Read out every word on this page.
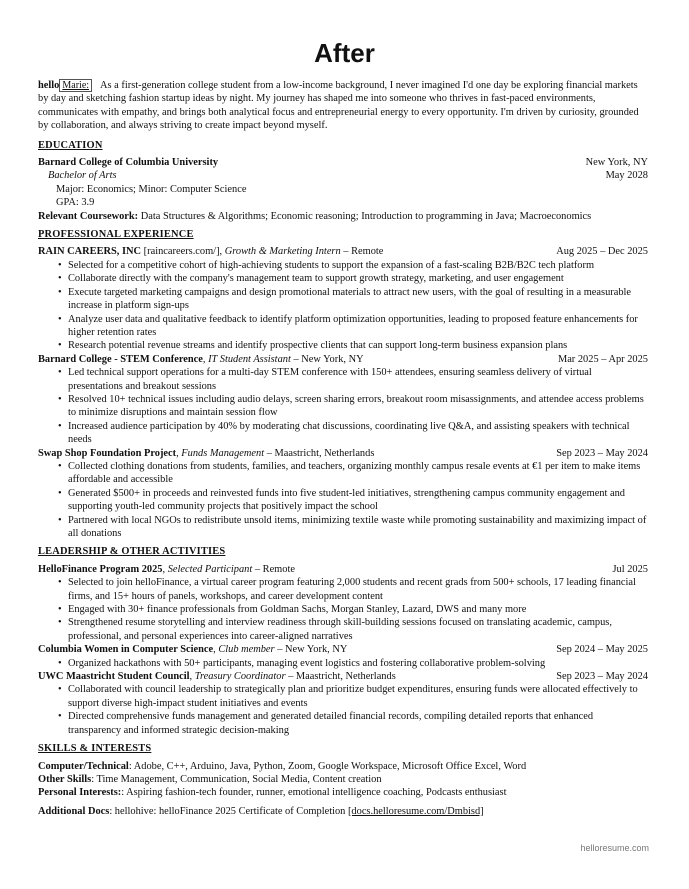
After

hello Marie: As a first-generation college student from a low-income background, I never imagined I'd one day be exploring financial markets by day and sketching fashion startup ideas by night. My journey has shaped me into someone who thrives in fast-paced environments, communicates with empathy, and brings both analytical focus and entrepreneurial energy to every opportunity. I'm driven by curiosity, grounded by collaboration, and always striving to create impact beyond myself.

EDUCATION
Barnard College of Columbia University	New York, NY
Bachelor of Arts	May 2028
Major: Economics; Minor: Computer Science
GPA: 3.9
Relevant Coursework: Data Structures & Algorithms; Economic reasoning; Introduction to programming in Java; Macroeconomics
PROFESSIONAL EXPERIENCE
RAIN CAREERS, INC [raincareers.com/], Growth & Marketing Intern – Remote	Aug 2025 – Dec 2025
• Selected for a competitive cohort of high-achieving students to support the expansion of a fast-scaling B2B/B2C tech platform
• Collaborate directly with the company's management team to support growth strategy, marketing, and user engagement
• Execute targeted marketing campaigns and design promotional materials to attract new users, with the goal of resulting in a measurable increase in platform sign-ups
• Analyze user data and qualitative feedback to identify platform optimization opportunities, leading to proposed feature enhancements for higher retention rates
• Research potential revenue streams and identify prospective clients that can support long-term business expansion plans
Barnard College - STEM Conference, IT Student Assistant – New York, NY	Mar 2025 – Apr 2025
• Led technical support operations for a multi-day STEM conference with 150+ attendees, ensuring seamless delivery of virtual presentations and breakout sessions
• Resolved 10+ technical issues including audio delays, screen sharing errors, breakout room misassignments, and attendee access problems to minimize disruptions and maintain session flow
• Increased audience participation by 40% by moderating chat discussions, coordinating live Q&A, and assisting speakers with technical needs
Swap Shop Foundation Project, Funds Management – Maastricht, Netherlands	Sep 2023 – May 2024
• Collected clothing donations from students, families, and teachers, organizing monthly campus resale events at €1 per item to make items affordable and accessible
• Generated $500+ in proceeds and reinvested funds into five student-led initiatives, strengthening campus community engagement and supporting youth-led community projects that positively impact the school
• Partnered with local NGOs to redistribute unsold items, minimizing textile waste while promoting sustainability and maximizing impact of all donations
LEADERSHIP & OTHER ACTIVITIES
HelloFinance Program 2025, Selected Participant – Remote	Jul 2025
• Selected to join helloFinance, a virtual career program featuring 2,000 students and recent grads from 500+ schools, 17 leading financial firms, and 15+ hours of panels, workshops, and career development content
• Engaged with 30+ finance professionals from Goldman Sachs, Morgan Stanley, Lazard, DWS and many more
• Strengthened resume storytelling and interview readiness through skill-building sessions focused on translating academic, campus, professional, and personal experiences into career-aligned narratives
Columbia Women in Computer Science, Club member – New York, NY	Sep 2024 – May 2025
• Organized hackathons with 50+ participants, managing event logistics and fostering collaborative problem-solving
UWC Maastricht Student Council, Treasury Coordinator – Maastricht, Netherlands	Sep 2023 – May 2024
• Collaborated with council leadership to strategically plan and prioritize budget expenditures, ensuring funds were allocated effectively to support diverse high-impact student initiatives and events
• Directed comprehensive funds management and generated detailed financial records, compiling detailed reports that enhanced transparency and informed strategic decision-making
SKILLS & INTERESTS
Computer/Technical: Adobe, C++, Arduino, Java, Python, Zoom, Google Workspace, Microsoft Office Excel, Word
Other Skills: Time Management, Communication, Social Media, Content creation
Personal Interests:: Aspiring fashion-tech founder, runner, emotional intelligence coaching, Podcasts enthusiast
Additional Docs: hellohive: helloFinance 2025 Certificate of Completion [docs.helloresume.com/Dmbisd]
helloresume.com
